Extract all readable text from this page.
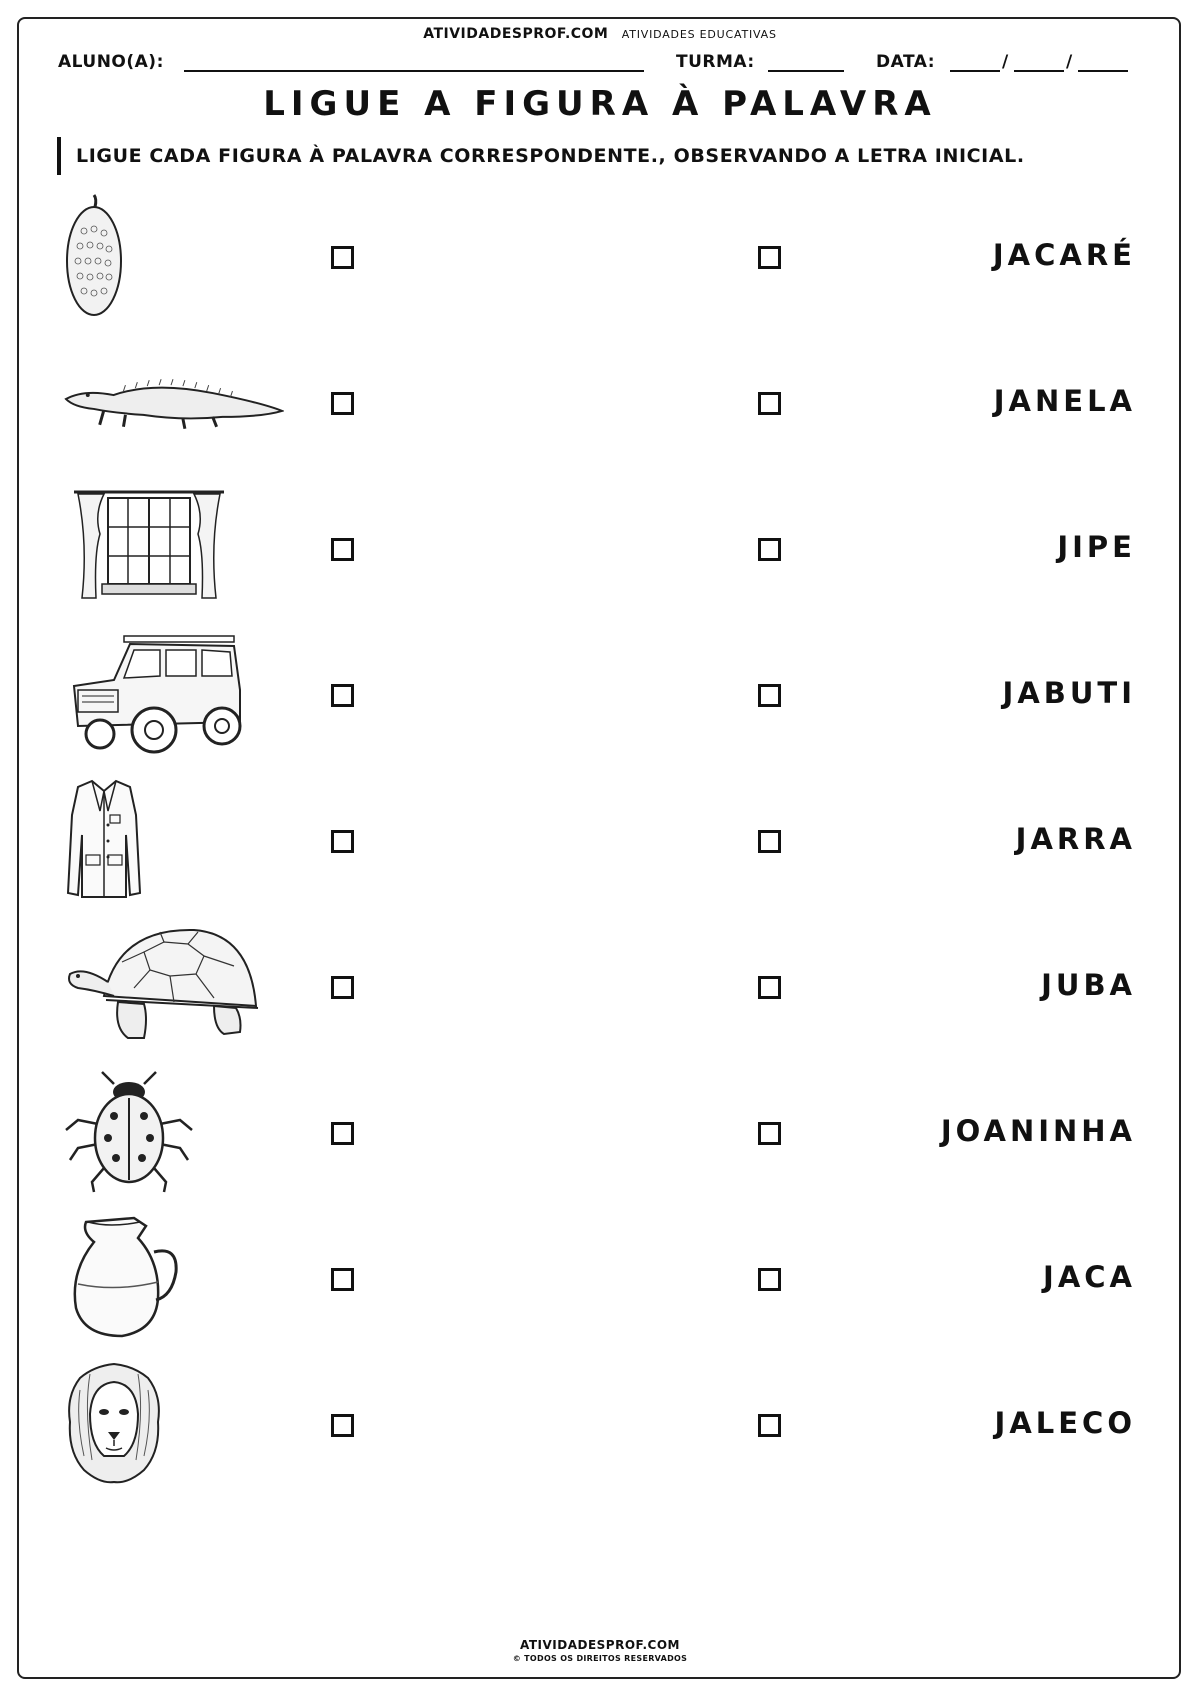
ATIVIDADESPROF.COM ATIVIDADES EDUCATIVAS
ALUNO(A):	TURMA:	DATA:	/	/
LIGUE A FIGURA À PALAVRA
LIGUE CADA FIGURA À PALAVRA CORRESPONDENTE., OBSERVANDO A LETRA INICIAL.
JACARÉ
JANELA
JIPE
JABUTI
JARRA
JUBA
JOANINHA
JACA
JALECO
ATIVIDADESPROF.COM
© TODOS OS DIREITOS RESERVADOS
